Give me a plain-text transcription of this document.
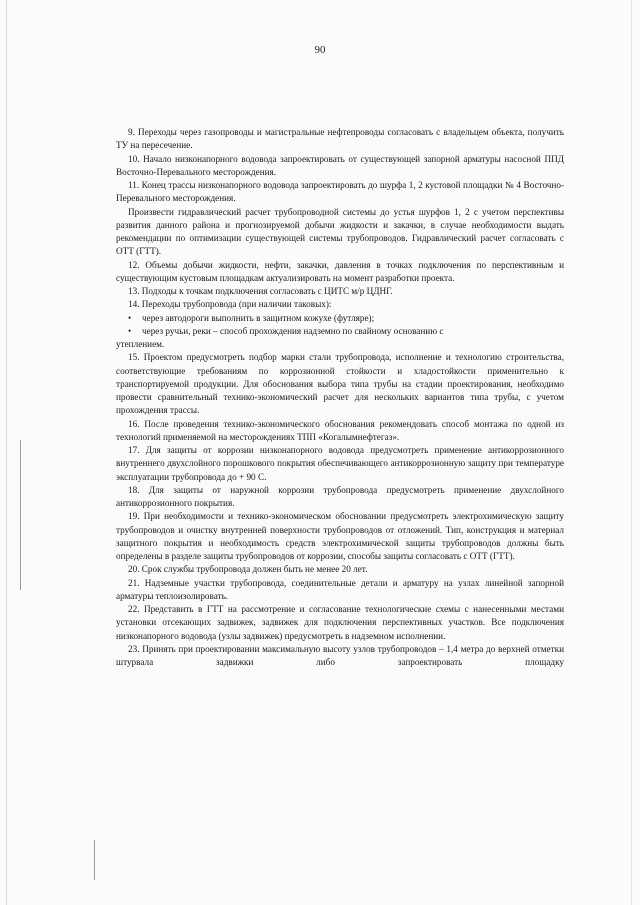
90

9. Переходы через газопроводы и магистральные нефтепроводы согласовать с владельцем объекта, получить ТУ на пересечение.

10. Начало низконапорного водовода запроектировать от существующей запорной арматуры насосной ППД Восточно-Перевального месторождения.

11. Конец трассы низконапорного водовода запроектировать до шурфа 1, 2 кустовой площадки № 4 Восточно-Перевального месторождения.

Произвести гидравлический расчет трубопроводной системы до устья шурфов 1, 2 с учетом перспективы развития данного района и прогнозируемой добычи жидкости и закачки, в случае необходимости выдать рекомендации по оптимизации существующей системы трубопроводов. Гидравлический расчет согласовать с ОТТ (ГТТ).

12. Объемы добычи жидкости, нефти, закачки, давления в точках подключения по перспективным и существующим кустовым площадкам актуализировать на момент разработки проекта.

13. Подходы к точкам подключения согласовать с ЦИТС м/р ЦДНГ.

14. Переходы трубопровода (при наличии таковых):

• через автодороги выполнить в защитном кожухе (футляре);

• через ручьи, реки – способ прохождения надземно по свайному основанию с

утеплением.

15. Проектом предусмотреть подбор марки стали трубопровода, исполнение и технологию строительства, соответствующие требованиям по коррозионной стойкости и хладостойкости применительно к транспортируемой продукции. Для обоснования выбора типа трубы на стадии проектирования, необходимо провести сравнительный технико-экономический расчет для нескольких вариантов типа трубы, с учетом прохождения трассы.

16. После проведения технико-экономического обоснования рекомендовать способ монтажа по одной из технологий применяемой на месторождениях ТПП «Когалымнефтегаз».

17. Для защиты от коррозии низконапорного водовода предусмотреть применение антикоррозионного внутреннего двухслойного порошкового покрытия обеспечивающего антикоррозионную защиту при температуре эксплуатации трубопровода до + 90 С.

18. Для защиты от наружной коррозии трубопровода предусмотреть применение двухслойного антикоррозионного покрытия.

19. При необходимости и технико-экономическом обосновании предусмотреть электрохимическую защиту трубопроводов и очистку внутренней поверхности трубопроводов от отложений. Тип, конструкция и материал защитного покрытия и необходимость средств электрохимической защиты трубопроводов должны быть определены в разделе защиты трубопроводов от коррозии, способы защиты согласовать с ОТТ (ГТТ).

20. Срок службы трубопровода должен быть не менее 20 лет.

21. Надземные участки трубопровода, соединительные детали и арматуру на узлах линейной запорной арматуры теплоизолировать.

22. Представить в ГТТ на рассмотрение и согласование технологические схемы с нанесенными местами установки отсекающих задвижек, задвижек для подключения перспективных участков. Все подключения низконапорного водовода (узлы задвижек) предусмотреть в надземном исполнении.

23. Принять при проектировании максимальную высоту узлов трубопроводов – 1,4 метра до верхней отметки штурвала задвижки либо запроектировать площадку
